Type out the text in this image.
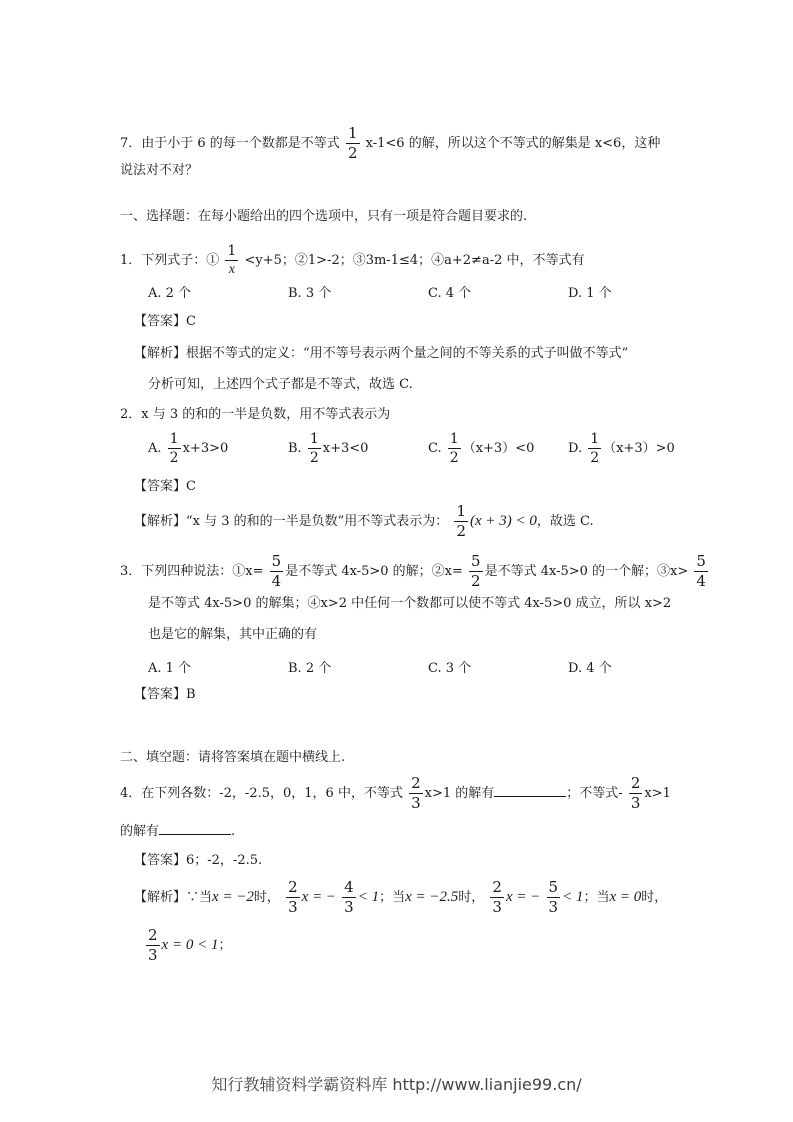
7．由于小于 6 的每一个数都是不等式 $\frac{1}{2} x-1<6$ 的解，所以这个不等式的解集是 x<6，这种
说法对不对？
一、选择题：在每小题给出的四个选项中，只有一项是符合题目要求的.
1．下列式子：① $\frac{1}{x} <y+5$；②1>-2；③3m-1≤4；④a+2≠a-2 中，不等式有
A. 2 个	B. 3 个	C. 4 个	D. 1 个
【答案】C
【解析】根据不等式的定义：“用不等号表示两个量之间的不等关系的式子叫做不等式”
分析可知，上述四个式子都是不等式，故选 C.
2．x 与 3 的和的一半是负数，用不等式表示为
A. $\frac{1}{2} x+3>0$	B. $\frac{1}{2} x+3<0$	C. $\frac{1}{2} (x+3)<0$	D. $\frac{1}{2} (x+3)>0$
【答案】C
【解析】“x 与 3 的和的一半是负数”用不等式表示为： $\frac{1}{2} (x + 3) < 0$，故选 C.
3．下列四种说法：①x= $\frac{5}{4}$ 是不等式 4x-5>0 的解；②x= $\frac{5}{2}$ 是不等式 4x-5>0 的一个解；③x> $\frac{5}{4}$
是不等式 4x-5>0 的解集；④x>2 中任何一个数都可以使不等式 4x-5>0 成立，所以 x>2
也是它的解集，其中正确的有
A. 1 个	B. 2 个	C. 3 个	D. 4 个
【答案】B
二、填空题：请将答案填在题中横线上.
4．在下列各数：-2，-2.5，0，1，6 中，不等式 $\frac{2}{3} x>1$ 的解有	；不等式- $\frac{2}{3} x>1$
的解有	.
【答案】6；-2，-2.5.
【解析】∵当x = −2时， $\frac{2}{3}$ x = − $\frac{4}{3} < 1$；当x = −2.5时， $\frac{2}{3}$ x = − $\frac{5}{3} < 1$；当x = 0时，
$\frac{2}{3}$ x = 0 < 1；
知行教辅资料学霸资料库 http://www.lianjie99.cn/
